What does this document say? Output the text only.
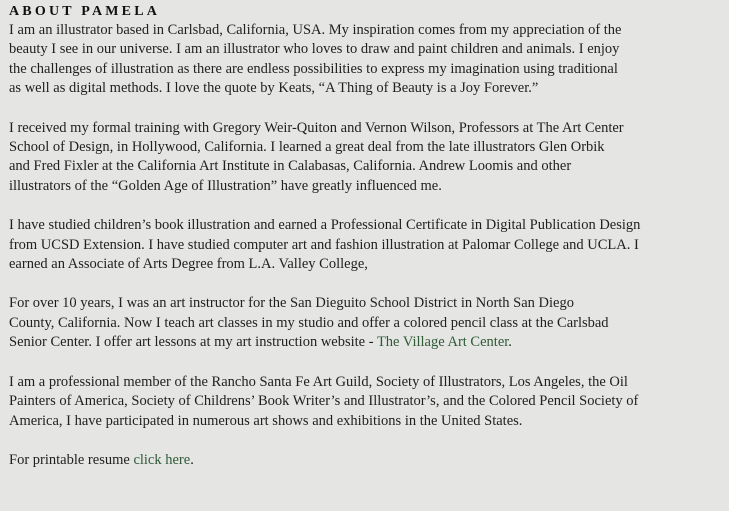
ABOUT PAMELA
I am an illustrator based in Carlsbad, California, USA. My inspiration comes from my appreciation of the
beauty I see in our universe. I am an illustrator who loves to draw and paint children and animals. I enjoy
the challenges of illustration as there are endless possibilities to express my imagination using traditional
as well as digital methods. I love the quote by Keats, “A Thing of Beauty is a Joy Forever.”
I received my formal training with Gregory Weir-Quiton and Vernon Wilson, Professors at The Art Center
School of Design, in Hollywood, California. I learned a great deal from the late illustrators Glen Orbik
and Fred Fixler at the California Art Institute in Calabasas, California. Andrew Loomis and other
illustrators of the “Golden Age of Illustration” have greatly influenced me.
I have studied children’s book illustration and earned a Professional Certificate in Digital Publication Design
from UCSD Extension. I have studied computer art and fashion illustration at Palomar College and UCLA. I
earned an Associate of Arts Degree from L.A. Valley College,
For over 10 years, I was an art instructor for the San Dieguito School District in North San Diego
County, California. Now I teach art classes in my studio and offer a colored pencil class at the Carlsbad
Senior Center. I offer art lessons at my art instruction website - The Village Art Center.
I am a professional member of the Rancho Santa Fe Art Guild, Society of Illustrators, Los Angeles, the Oil
Painters of America, Society of Childrens’ Book Writer’s and Illustrator’s, and the Colored Pencil Society of
America, I have participated in numerous art shows and exhibitions in the United States.
For printable resume click here.
